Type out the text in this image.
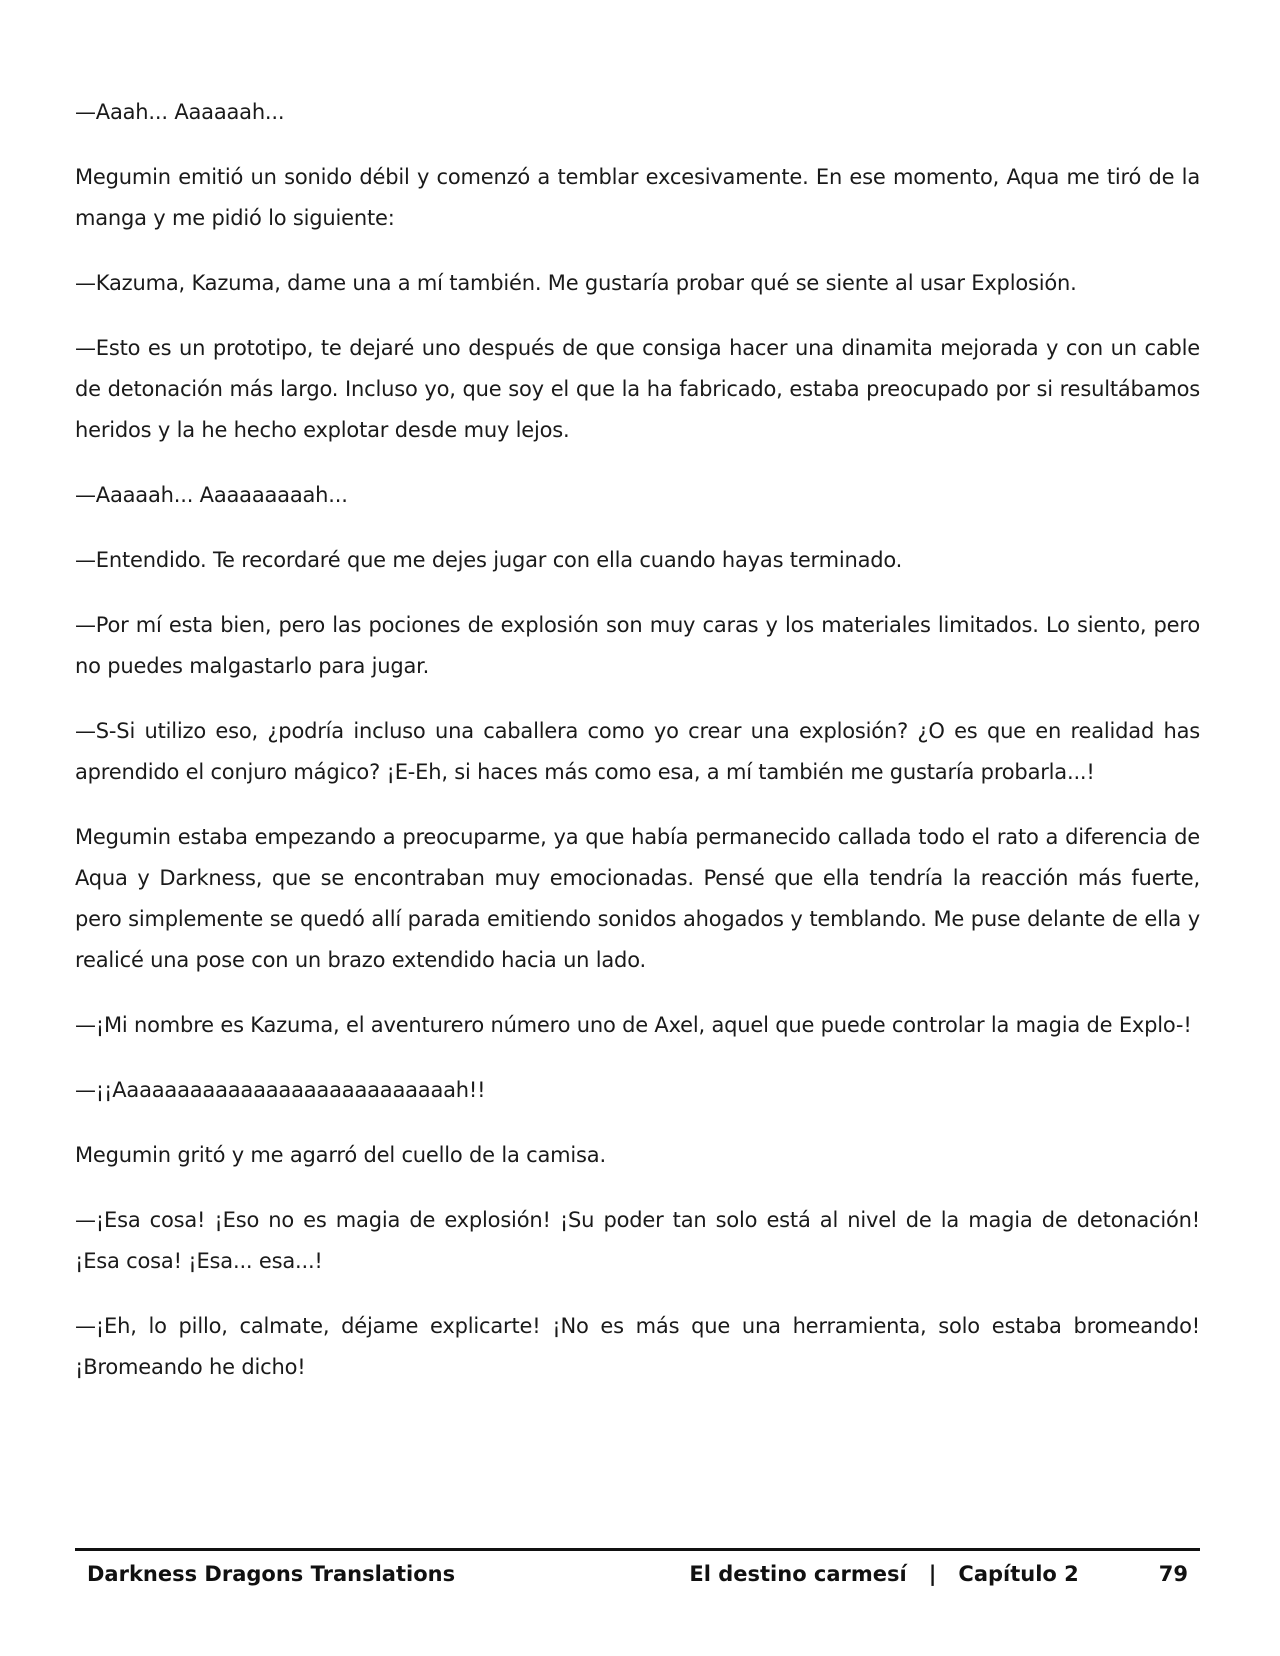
—Aaah... Aaaaaah...

Megumin emitió un sonido débil y comenzó a temblar excesivamente. En ese momento, Aqua me tiró de la manga y me pidió lo siguiente:

—Kazuma, Kazuma, dame una a mí también. Me gustaría probar qué se siente al usar Explosión.

—Esto es un prototipo, te dejaré uno después de que consiga hacer una dinamita mejorada y con un cable de detonación más largo. Incluso yo, que soy el que la ha fabricado, estaba preocupado por si resultábamos heridos y la he hecho explotar desde muy lejos.

—Aaaaah... Aaaaaaaaah...

—Entendido. Te recordaré que me dejes jugar con ella cuando hayas terminado.

—Por mí esta bien, pero las pociones de explosión son muy caras y los materiales limitados. Lo siento, pero no puedes malgastarlo para jugar.

—S-Si utilizo eso, ¿podría incluso una caballera como yo crear una explosión? ¿O es que en realidad has aprendido el conjuro mágico? ¡E-Eh, si haces más como esa, a mí también me gustaría probarla...!

Megumin estaba empezando a preocuparme, ya que había permanecido callada todo el rato a diferencia de Aqua y Darkness, que se encontraban muy emocionadas. Pensé que ella tendría la reacción más fuerte, pero simplemente se quedó allí parada emitiendo sonidos ahogados y temblando. Me puse delante de ella y realicé una pose con un brazo extendido hacia un lado.

—¡Mi nombre es Kazuma, el aventurero número uno de Axel, aquel que puede controlar la magia de Explo-!

—¡¡Aaaaaaaaaaaaaaaaaaaaaaaaaaah!!

Megumin gritó y me agarró del cuello de la camisa.

—¡Esa cosa! ¡Eso no es magia de explosión! ¡Su poder tan solo está al nivel de la magia de detonación! ¡Esa cosa! ¡Esa... esa...!

—¡Eh, lo pillo, calmate, déjame explicarte! ¡No es más que una herramienta, solo estaba bromeando! ¡Bromeando he dicho!

Darkness Dragons Translations	El destino carmesí | Capítulo 2	79
